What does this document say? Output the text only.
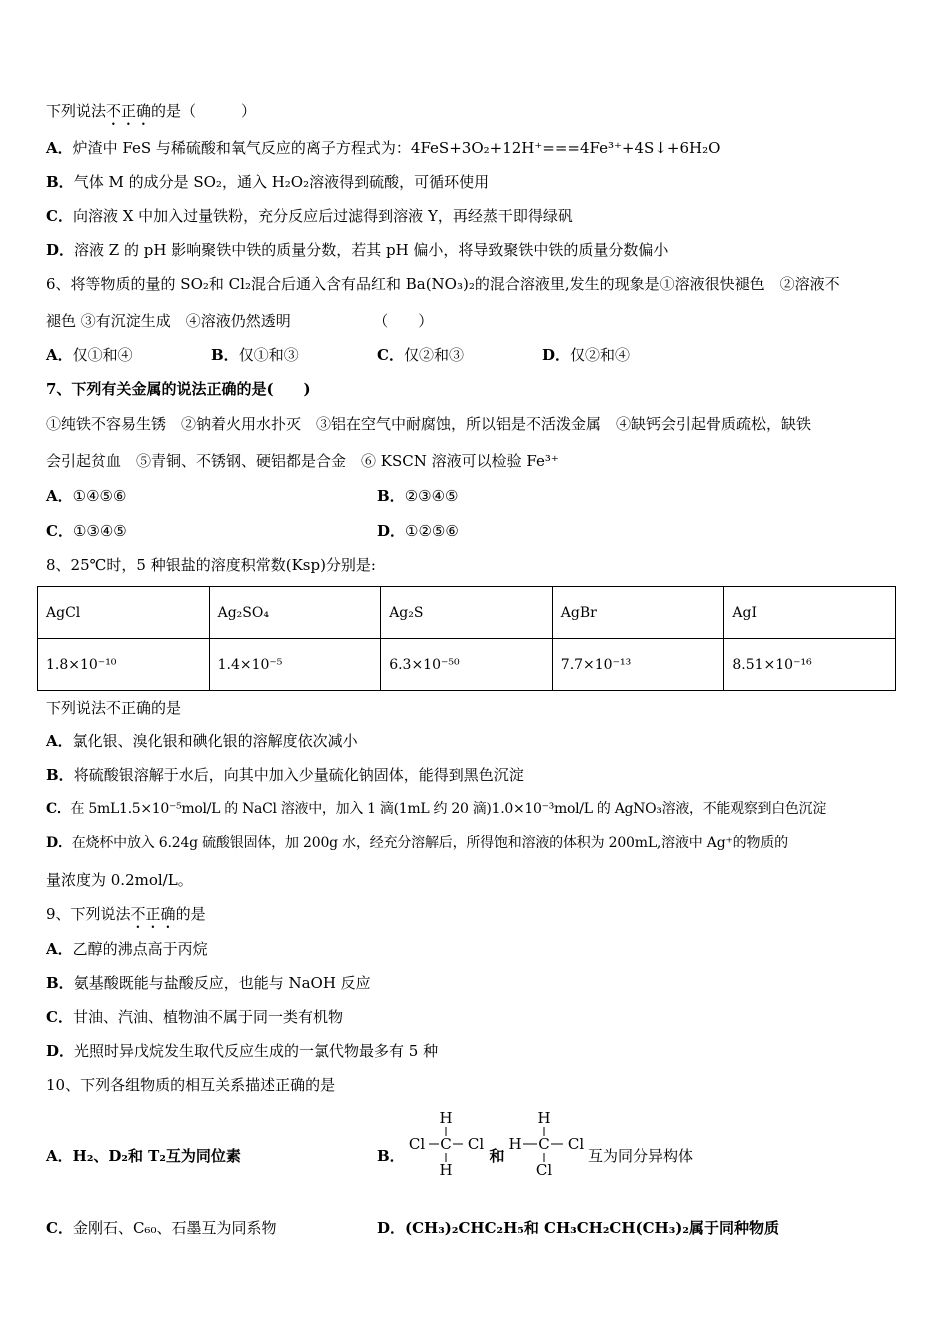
下列说法不正确的是（　　　）
A．炉渣中 FeS 与稀硫酸和氧气反应的离子方程式为：4FeS+3O₂+12H⁺===4Fe³⁺+4S↓+6H₂O
B．气体 M 的成分是 SO₂，通入 H₂O₂溶液得到硫酸，可循环使用
C．向溶液 X 中加入过量铁粉，充分反应后过滤得到溶液 Y，再经蒸干即得绿矾
D．溶液 Z 的 pH 影响聚铁中铁的质量分数，若其 pH 偏小，将导致聚铁中铁的质量分数偏小
6、将等物质的量的 SO₂和 Cl₂混合后通入含有品红和 Ba(NO₃)₂的混合溶液里,发生的现象是①溶液很快褪色　②溶液不
褪色 ③有沉淀生成　④溶液仍然透明　　　　　　（　　）
A．仅①和④	B．仅①和③	C．仅②和③	D．仅②和④
7、下列有关金属的说法正确的是(　　)
①纯铁不容易生锈　②钠着火用水扑灭　③铝在空气中耐腐蚀，所以铝是不活泼金属　④缺钙会引起骨质疏松，缺铁
会引起贫血　⑤青铜、不锈钢、硬铝都是合金　⑥ KSCN 溶液可以检验 Fe³⁺
A．①④⑤⑥	B．②③④⑤
C．①③④⑤	D．①②⑤⑥
8、25℃时，5 种银盐的溶度积常数(Ksp)分别是:
AgCl	Ag₂SO₄	Ag₂S	AgBr	AgI
1.8×10⁻¹⁰	1.4×10⁻⁵	6.3×10⁻⁵⁰	7.7×10⁻¹³	8.51×10⁻¹⁶
下列说法不正确的是
A．氯化银、溴化银和碘化银的溶解度依次减小
B．将硫酸银溶解于水后，向其中加入少量硫化钠固体，能得到黑色沉淀
C．在 5mL1.5×10⁻⁵mol/L 的 NaCl 溶液中，加入 1 滴(1mL 约 20 滴)1.0×10⁻³mol/L 的 AgNO₃溶液，不能观察到白色沉淀
D．在烧杯中放入 6.24g 硫酸银固体，加 200g 水，经充分溶解后，所得饱和溶液的体积为 200mL,溶液中 Ag⁺的物质的
量浓度为 0.2mol/L。
9、下列说法不正确的是
A．乙醇的沸点高于丙烷
B．氨基酸既能与盐酸反应，也能与 NaOH 反应
C．甘油、汽油、植物油不属于同一类有机物
D．光照时异戊烷发生取代反应生成的一氯代物最多有 5 种
10、下列各组物质的相互关系描述正确的是
A．H₂、D₂和 T₂互为同位素	B．
H
Cl C Cl
H
和
H
H C Cl
Cl
互为同分异构体
C．金刚石、C₆₀、石墨互为同系物	D．(CH₃)₂CHC₂H₅和 CH₃CH₂CH(CH₃)₂属于同种物质
